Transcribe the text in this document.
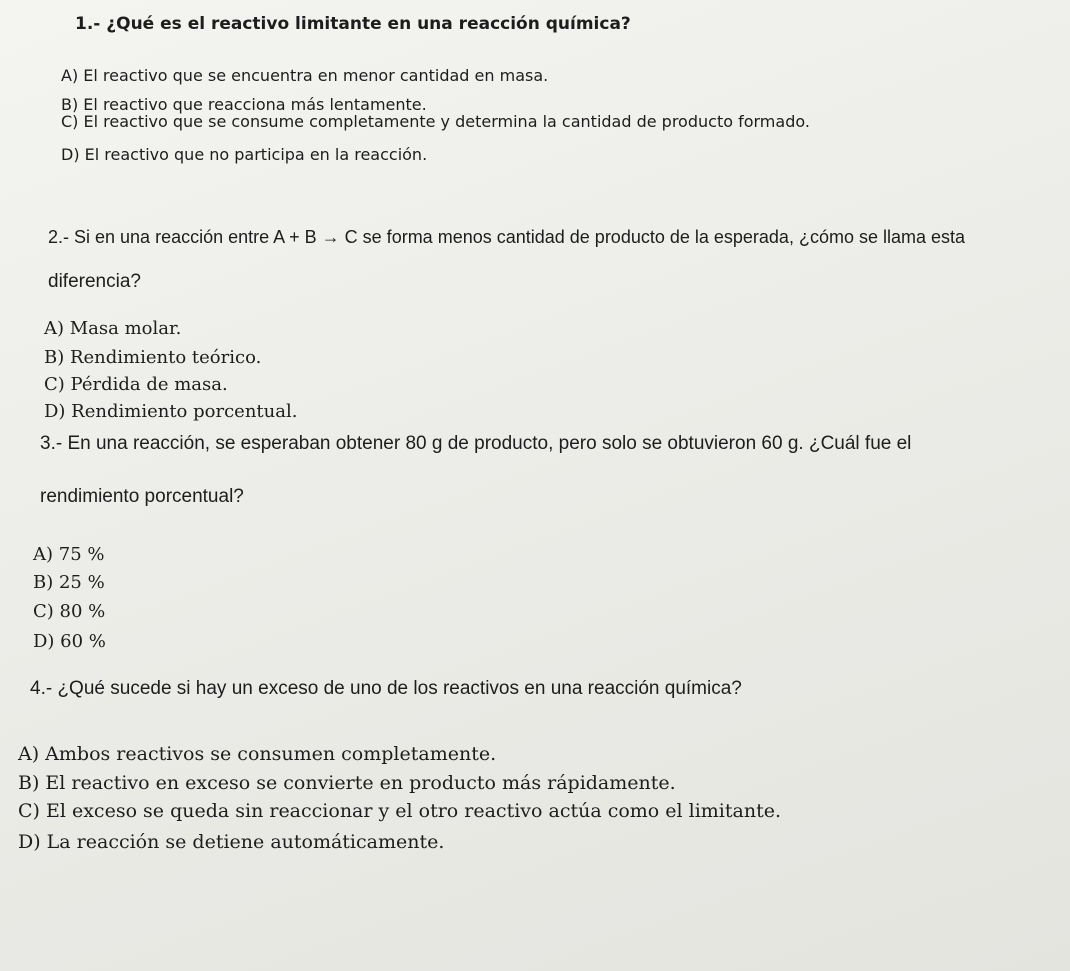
1.- ¿Qué es el reactivo limitante en una reacción química?
A) El reactivo que se encuentra en menor cantidad en masa.
B) El reactivo que reacciona más lentamente.
C) El reactivo que se consume completamente y determina la cantidad de producto formado.
D) El reactivo que no participa en la reacción.
2.- Si en una reacción entre A + B → C se forma menos cantidad de producto de la esperada, ¿cómo se llama esta
diferencia?
A) Masa molar.
B) Rendimiento teórico.
C) Pérdida de masa.
D) Rendimiento porcentual.
3.- En una reacción, se esperaban obtener 80 g de producto, pero solo se obtuvieron 60 g. ¿Cuál fue el
rendimiento porcentual?
A) 75 %
B) 25 %
C) 80 %
D) 60 %
4.- ¿Qué sucede si hay un exceso de uno de los reactivos en una reacción química?
A) Ambos reactivos se consumen completamente.
B) El reactivo en exceso se convierte en producto más rápidamente.
C) El exceso se queda sin reaccionar y el otro reactivo actúa como el limitante.
D) La reacción se detiene automáticamente.
